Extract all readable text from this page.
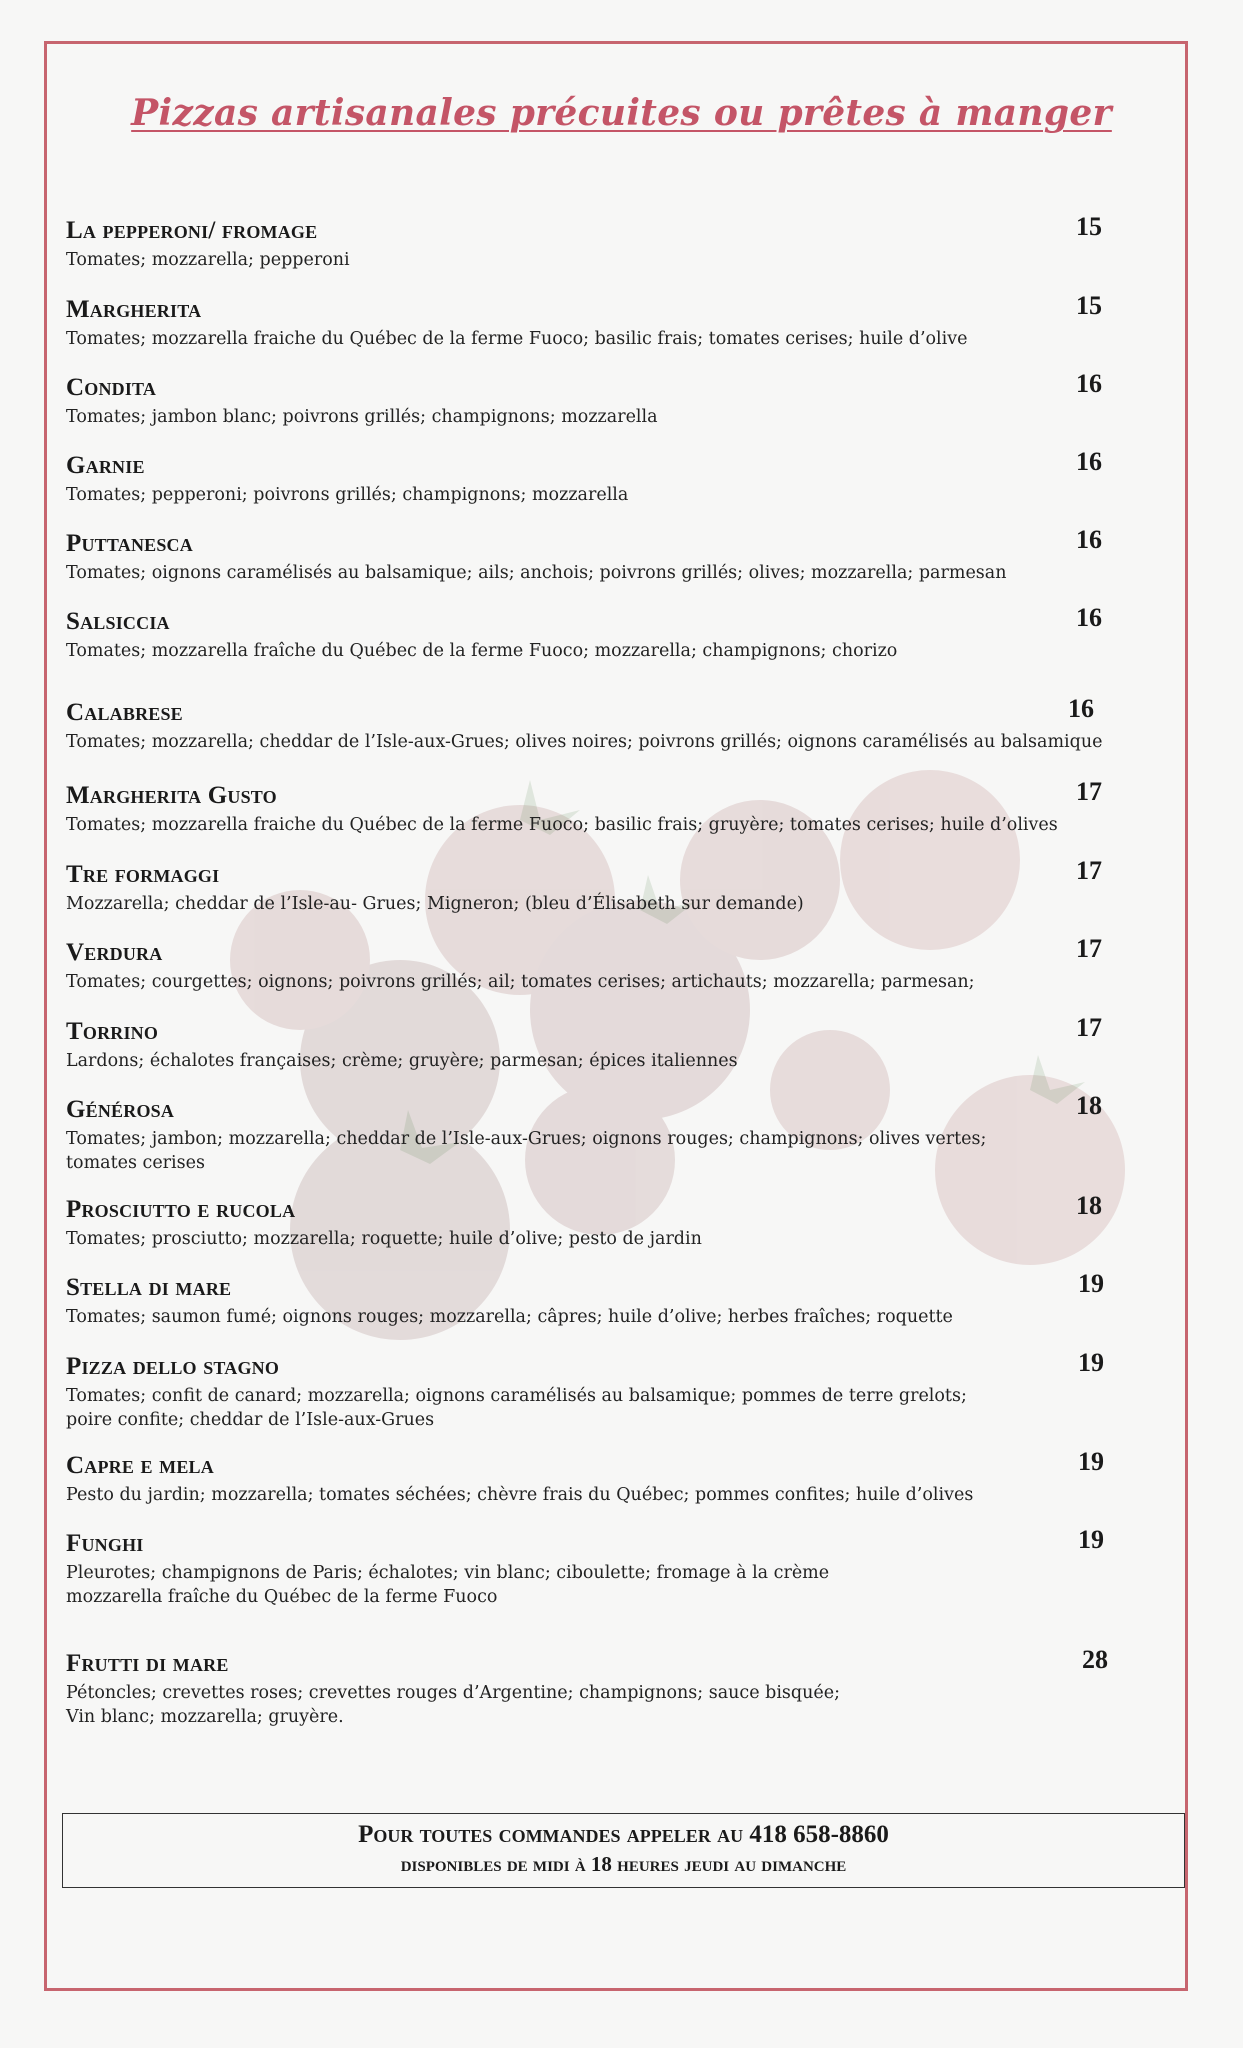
Pizzas artisanales précuites ou prêtes à manger
La pepperoni/ fromage
Tomates; mozzarella; pepperoni
15
Margherita
Tomates; mozzarella fraiche du Québec de la ferme Fuoco; basilic frais; tomates cerises; huile d’olive
15
Condita
Tomates; jambon blanc; poivrons grillés; champignons; mozzarella
16
Garnie
Tomates; pepperoni; poivrons grillés; champignons; mozzarella
16
Puttanesca
Tomates; oignons caramélisés au balsamique; ails; anchois; poivrons grillés; olives; mozzarella; parmesan
16
Salsiccia
Tomates; mozzarella fraîche du Québec de la ferme Fuoco; mozzarella; champignons; chorizo
16
Calabrese
Tomates; mozzarella; cheddar de l’Isle-aux-Grues; olives noires; poivrons grillés; oignons caramélisés au balsamique
16
Margherita Gusto
Tomates; mozzarella fraiche du Québec de la ferme Fuoco; basilic frais; gruyère; tomates cerises; huile d’olives
17
Tre formaggi
Mozzarella; cheddar de l’Isle-au- Grues; Migneron; (bleu d’Élisabeth sur demande)
17
Verdura
Tomates; courgettes; oignons; poivrons grillés; ail; tomates cerises; artichauts; mozzarella; parmesan;
17
Torrino
Lardons; échalotes françaises; crème; gruyère; parmesan; épices italiennes
17
Générosa
Tomates; jambon; mozzarella; cheddar de l’Isle-aux-Grues; oignons rouges; champignons; olives vertes;
tomates cerises
18
Prosciutto e rucola
Tomates; prosciutto; mozzarella; roquette; huile d’olive; pesto de jardin
18
Stella di mare
Tomates; saumon fumé; oignons rouges; mozzarella; câpres; huile d’olive; herbes fraîches; roquette
19
Pizza dello stagno
Tomates; confit de canard; mozzarella; oignons caramélisés au balsamique; pommes de terre grelots;
poire confite; cheddar de l’Isle-aux-Grues
19
Capre e mela
Pesto du jardin; mozzarella; tomates séchées; chèvre frais du Québec; pommes confites; huile d’olives
19
Funghi
Pleurotes; champignons de Paris; échalotes; vin blanc; ciboulette; fromage à la crème
mozzarella fraîche du Québec de la ferme Fuoco
19
Frutti di mare
Pétoncles; crevettes roses; crevettes rouges d’Argentine; champignons; sauce bisquée;
Vin blanc; mozzarella; gruyère.
28
Pour toutes commandes appeler au 418 658-8860
disponibles de midi à 18 heures jeudi au dimanche
